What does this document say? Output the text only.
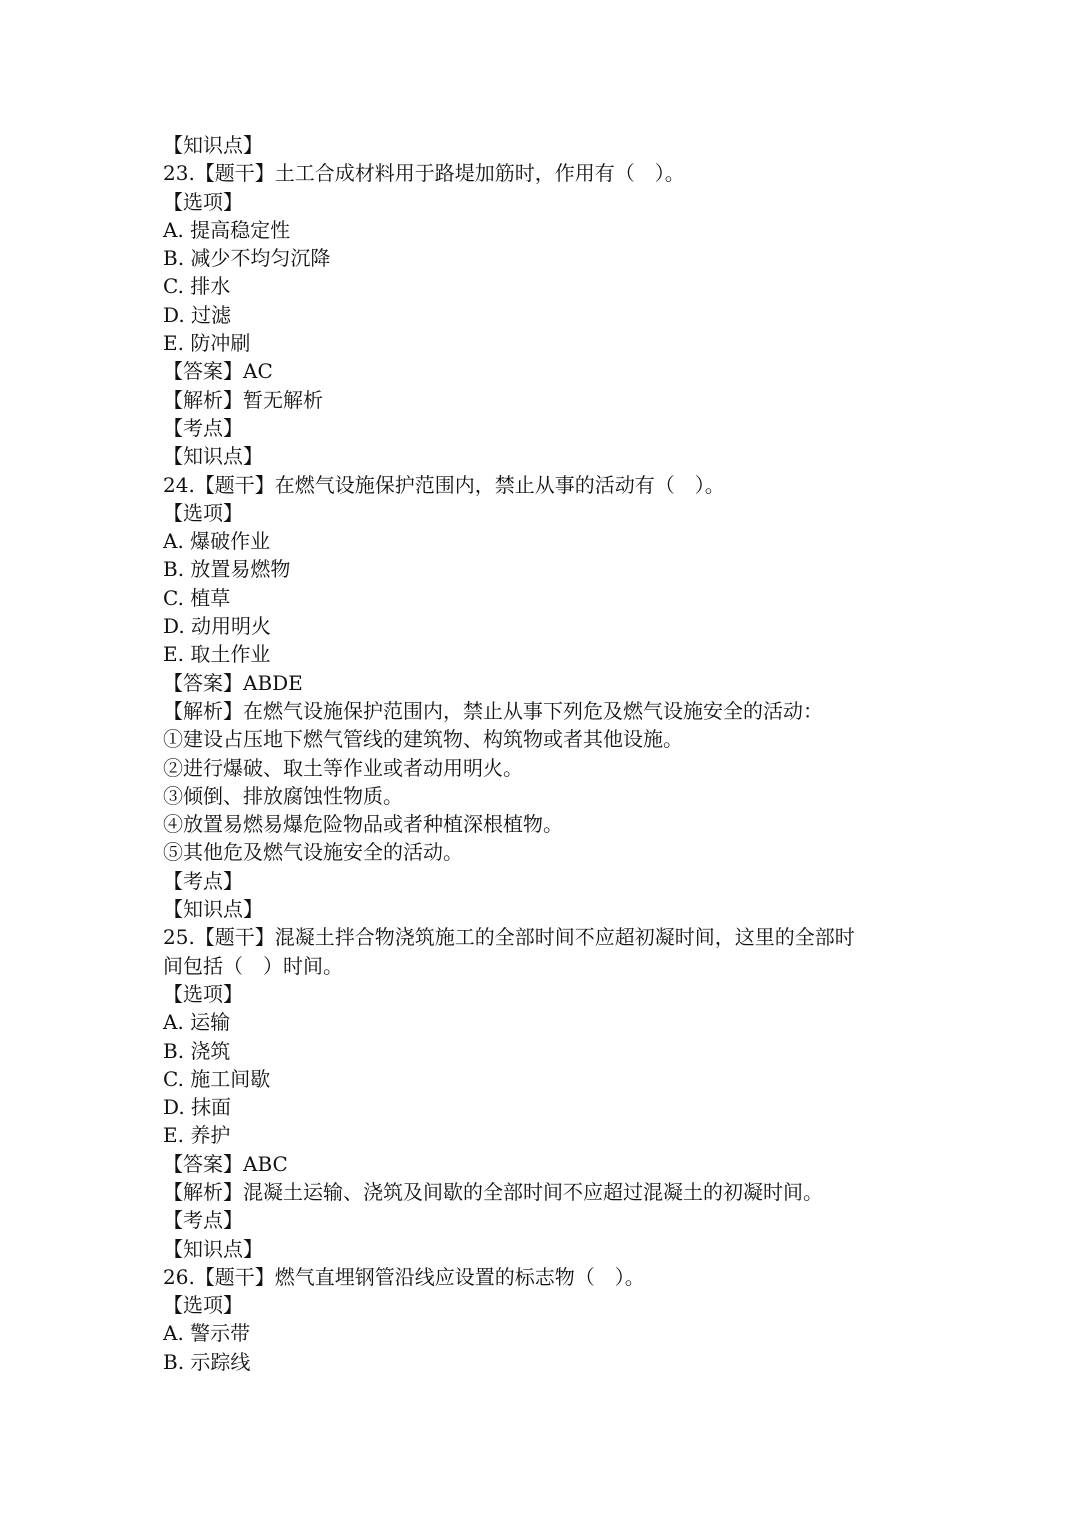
【知识点】
23.【题干】土工合成材料用于路堤加筋时，作用有（　）。
【选项】
A. 提高稳定性
B. 减少不均匀沉降
C. 排水
D. 过滤
E. 防冲刷
【答案】AC
【解析】暂无解析
【考点】
【知识点】
24.【题干】在燃气设施保护范围内，禁止从事的活动有（　）。
【选项】
A. 爆破作业
B. 放置易燃物
C. 植草
D. 动用明火
E. 取土作业
【答案】ABDE
【解析】在燃气设施保护范围内，禁止从事下列危及燃气设施安全的活动：
①建设占压地下燃气管线的建筑物、构筑物或者其他设施。
②进行爆破、取土等作业或者动用明火。
③倾倒、排放腐蚀性物质。
④放置易燃易爆危险物品或者种植深根植物。
⑤其他危及燃气设施安全的活动。
【考点】
【知识点】
25.【题干】混凝土拌合物浇筑施工的全部时间不应超初凝时间，这里的全部时
间包括（　）时间。
【选项】
A. 运输
B. 浇筑
C. 施工间歇
D. 抹面
E. 养护
【答案】ABC
【解析】混凝土运输、浇筑及间歇的全部时间不应超过混凝土的初凝时间。
【考点】
【知识点】
26.【题干】燃气直埋钢管沿线应设置的标志物（　）。
【选项】
A. 警示带
B. 示踪线
